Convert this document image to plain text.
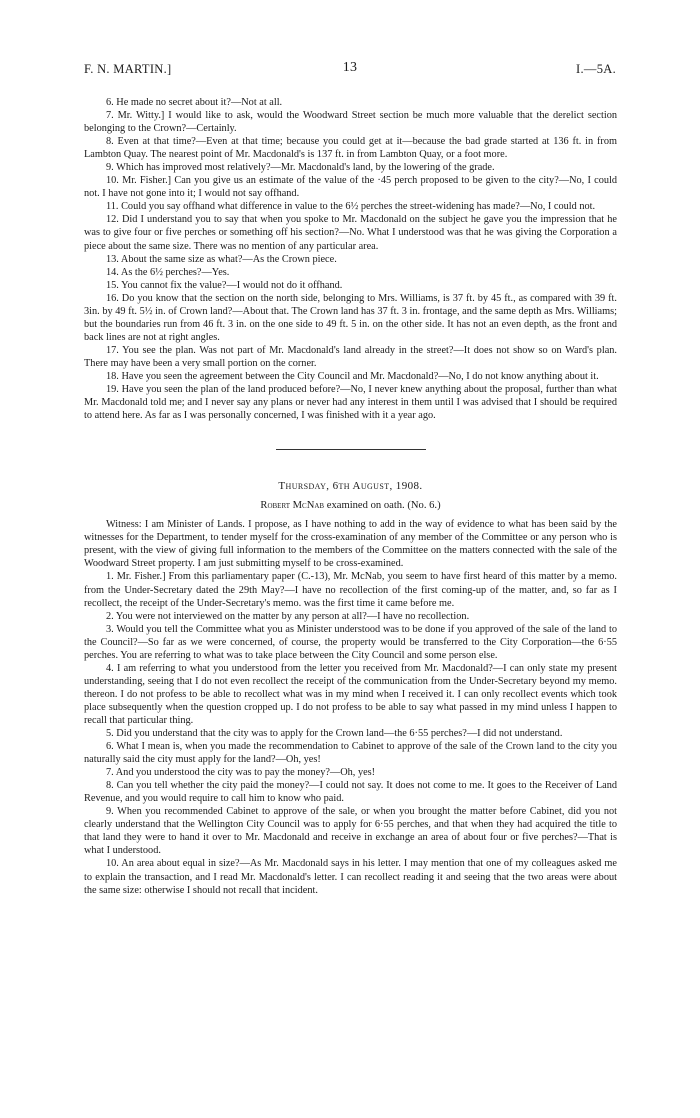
F. N. MARTIN.]	13	I.—5A.

6. He made no secret about it?—Not at all.

7. Mr. Witty.] I would like to ask, would the Woodward Street section be much more valuable that the derelict section belonging to the Crown?—Certainly.

8. Even at that time?—Even at that time; because you could get at it—because the bad grade started at 136 ft. in from Lambton Quay. The nearest point of Mr. Macdonald's is 137 ft. in from Lambton Quay, or a foot more.

9. Which has improved most relatively?—Mr. Macdonald's land, by the lowering of the grade.

10. Mr. Fisher.] Can you give us an estimate of the value of the ·45 perch proposed to be given to the city?—No, I could not. I have not gone into it; I would not say offhand.

11. Could you say offhand what difference in value to the 6½ perches the street-widening has made?—No, I could not.

12. Did I understand you to say that when you spoke to Mr. Macdonald on the subject he gave you the impression that he was to give four or five perches or something off his section?—No. What I understood was that he was giving the Corporation a piece about the same size. There was no mention of any particular area.

13. About the same size as what?—As the Crown piece.

14. As the 6½ perches?—Yes.

15. You cannot fix the value?—I would not do it offhand.

16. Do you know that the section on the north side, belonging to Mrs. Williams, is 37 ft. by 45 ft., as compared with 39 ft. 3in. by 49 ft. 5½ in. of Crown land?—About that. The Crown land has 37 ft. 3 in. frontage, and the same depth as Mrs. Williams; but the boundaries run from 46 ft. 3 in. on the one side to 49 ft. 5 in. on the other side. It has not an even depth, as the front and back lines are not at right angles.

17. You see the plan. Was not part of Mr. Macdonald's land already in the street?—It does not show so on Ward's plan. There may have been a very small portion on the corner.

18. Have you seen the agreement between the City Council and Mr. Macdonald?—No, I do not know anything about it.

19. Have you seen the plan of the land produced before?—No, I never knew anything about the proposal, further than what Mr. Macdonald told me; and I never say any plans or never had any interest in them until I was advised that I should be required to attend here. As far as I was personally concerned, I was finished with it a year ago.

Thursday, 6th August, 1908.

Robert McNab examined on oath. (No. 6.)

Witness: I am Minister of Lands. I propose, as I have nothing to add in the way of evidence to what has been said by the witnesses for the Department, to tender myself for the cross-examination of any member of the Committee or any person who is present, with the view of giving full information to the members of the Committee on the matters connected with the sale of the Woodward Street property. I am just submitting myself to be cross-examined.

1. Mr. Fisher.] From this parliamentary paper (C.-13), Mr. McNab, you seem to have first heard of this matter by a memo. from the Under-Secretary dated the 29th May?—I have no recollection of the first coming-up of the matter, and, so far as I recollect, the receipt of the Under-Secretary's memo. was the first time it came before me.

2. You were not interviewed on the matter by any person at all?—I have no recollection.

3. Would you tell the Committee what you as Minister understood was to be done if you approved of the sale of the land to the Council?—So far as we were concerned, of course, the property would be transferred to the City Corporation—the 6·55 perches. You are referring to what was to take place between the City Council and some person else.

4. I am referring to what you understood from the letter you received from Mr. Macdonald?—I can only state my present understanding, seeing that I do not even recollect the receipt of the communication from the Under-Secretary beyond my memo. thereon. I do not profess to be able to recollect what was in my mind when I received it. I can only recollect events which took place subsequently when the question cropped up. I do not profess to be able to say what passed in my mind unless I happen to recall that particular thing.

5. Did you understand that the city was to apply for the Crown land—the 6·55 perches?—I did not understand.

6. What I mean is, when you made the recommendation to Cabinet to approve of the sale of the Crown land to the city you naturally said the city must apply for the land?—Oh, yes!

7. And you understood the city was to pay the money?—Oh, yes!

8. Can you tell whether the city paid the money?—I could not say. It does not come to me. It goes to the Receiver of Land Revenue, and you would require to call him to know who paid.

9. When you recommended Cabinet to approve of the sale, or when you brought the matter before Cabinet, did you not clearly understand that the Wellington City Council was to apply for 6·55 perches, and that when they had acquired the title to that land they were to hand it over to Mr. Macdonald and receive in exchange an area of about four or five perches?—That is what I understood.

10. An area about equal in size?—As Mr. Macdonald says in his letter. I may mention that one of my colleagues asked me to explain the transaction, and I read Mr. Macdonald's letter. I can recollect reading it and seeing that the two areas were about the same size: otherwise I should not recall that incident.
